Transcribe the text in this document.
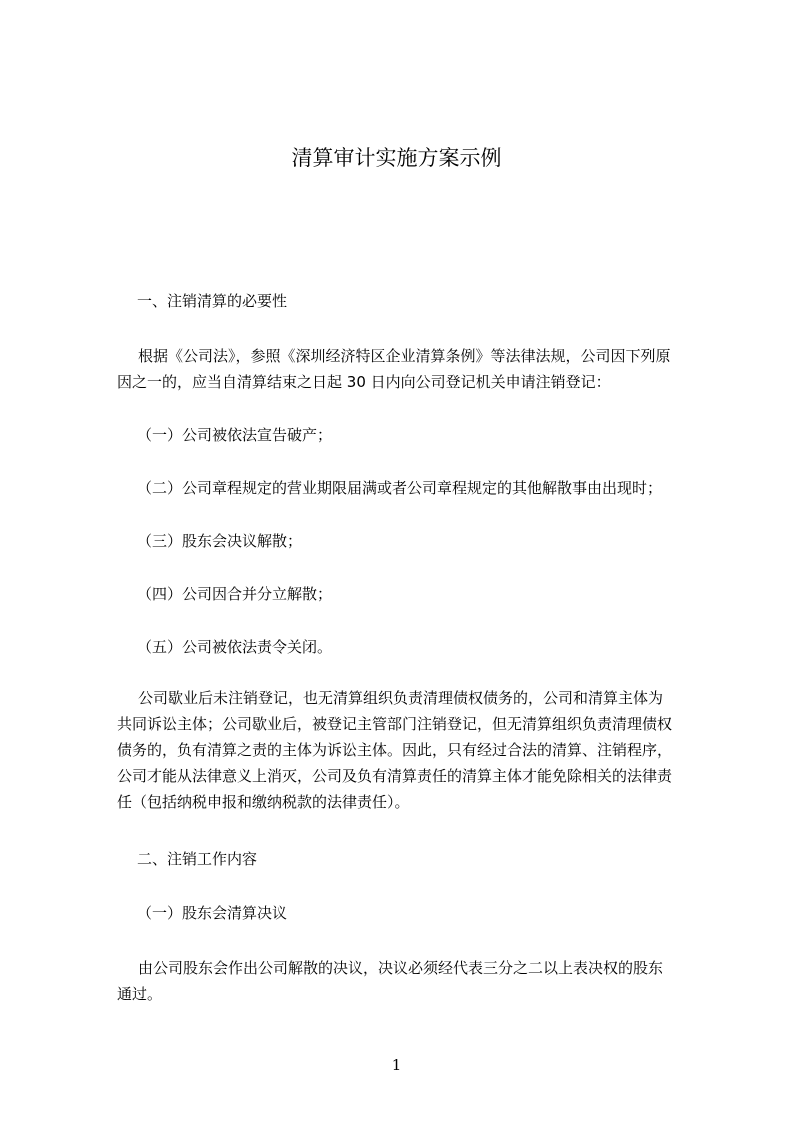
清算审计实施方案示例

一、注销清算的必要性

根据《公司法》，参照《深圳经济特区企业清算条例》等法律法规，公司因下列原
因之一的，应当自清算结束之日起 30 日内向公司登记机关申请注销登记：

（一）公司被依法宣告破产；

（二）公司章程规定的营业期限届满或者公司章程规定的其他解散事由出现时；

（三）股东会决议解散；

（四）公司因合并分立解散；

（五）公司被依法责令关闭。

公司歇业后未注销登记，也无清算组织负责清理债权债务的，公司和清算主体为
共同诉讼主体；公司歇业后，被登记主管部门注销登记，但无清算组织负责清理债权
债务的，负有清算之责的主体为诉讼主体。因此，只有经过合法的清算、注销程序，
公司才能从法律意义上消灭，公司及负有清算责任的清算主体才能免除相关的法律责
任（包括纳税申报和缴纳税款的法律责任）。

二、注销工作内容

（一）股东会清算决议

由公司股东会作出公司解散的决议，决议必须经代表三分之二以上表决权的股东
通过。
1
